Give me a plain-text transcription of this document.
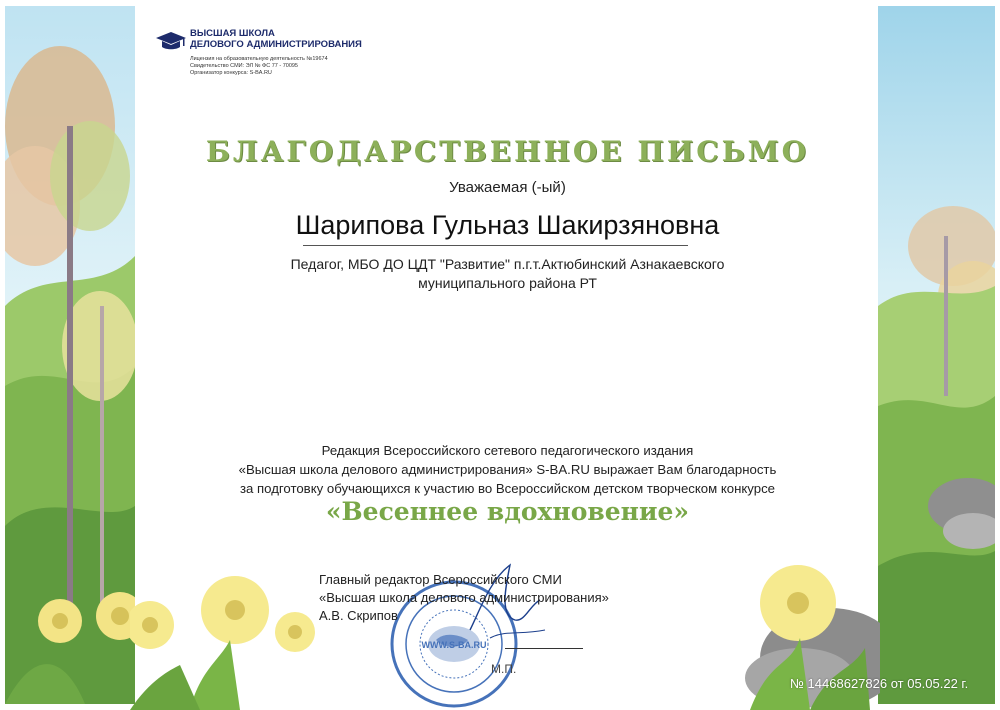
ВЫСШАЯ ШКОЛА
ДЕЛОВОГО АДМИНИСТРИРОВАНИЯ
Лицензия на образовательную деятельность №19674
Свидетельство СМИ: ЭЛ № ФС 77 - 70095
Организатор конкурса: S-BA.RU
БЛАГОДАРСТВЕННОЕ ПИСЬМО
Уважаемая (-ый)
Шарипова Гульназ Шакирзяновна
Педагог, МБО ДО ЦДТ "Развитие" п.г.т.Актюбинский Азнакаевского
муниципального района РТ
Редакция Всероссийского сетевого педагогического издания
«Высшая школа делового администрирования» S-BA.RU выражает Вам благодарность
за подготовку обучающихся к участию во Всероссийском детском творческом конкурсе
«Весеннее вдохновение»
WWW.S-BA.RU
Главный редактор Всероссийского СМИ
«Высшая школа делового администрирования»
А.В. Скрипов
М.П.
№ 14468627826 от 05.05.22 г.
